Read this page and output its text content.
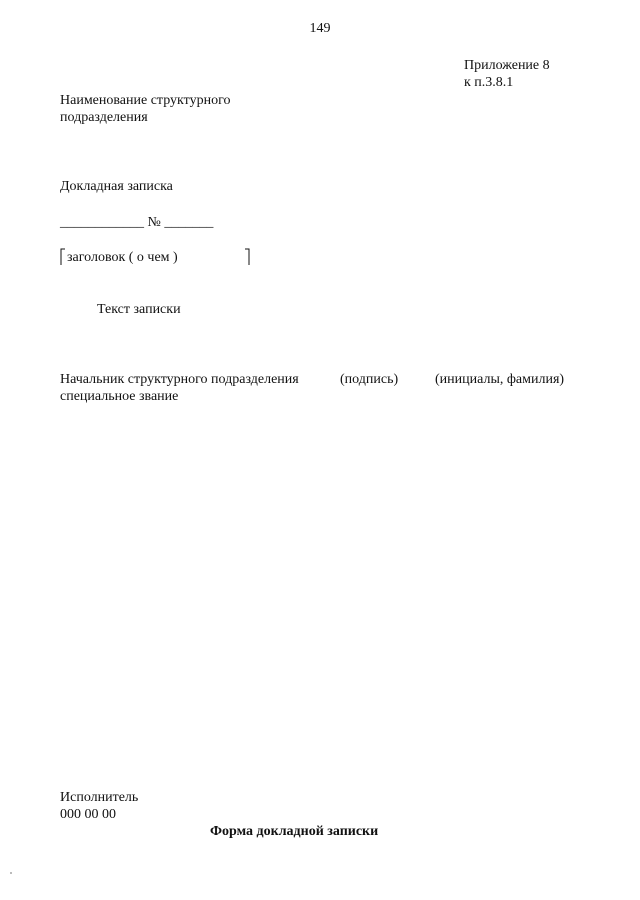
149
Приложение 8
к п.3.8.1
Наименование структурного
подразделения
Докладная записка
____________ № _______
заголовок ( о чем )
Текст записки
Начальник структурного подразделения	(подпись)	(инициалы, фамилия)
специальное звание
Исполнитель
000 00 00
Форма докладной записки
